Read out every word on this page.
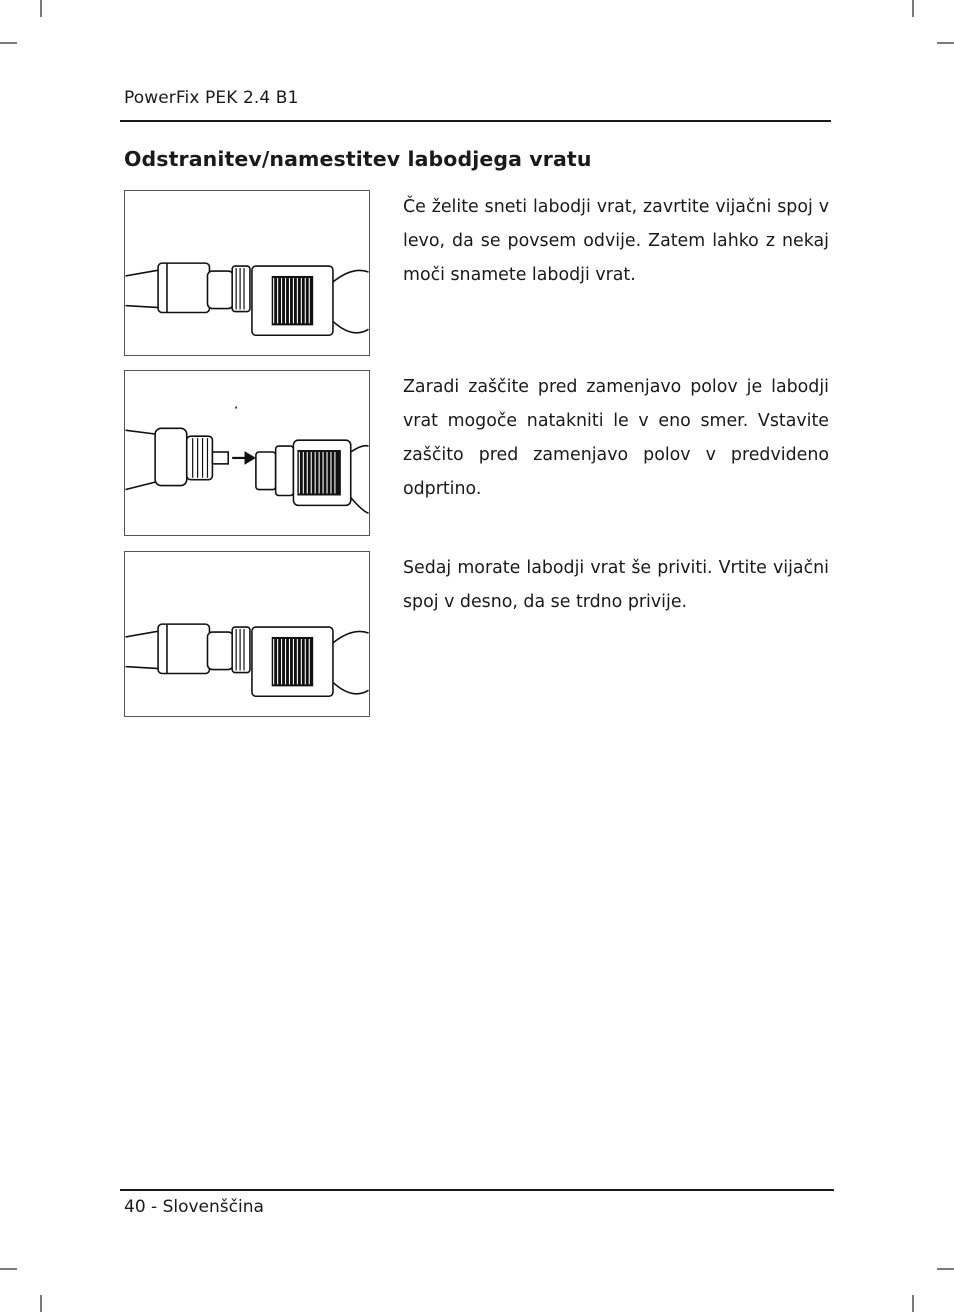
PowerFix PEK 2.4 B1
Odstranitev/namestitev labodjega vratu

Če želite sneti labodji vrat, zavrtite vijačni spoj v levo, da se povsem odvije. Zatem lahko z nekaj moči snamete labodji vrat.

Zaradi zaščite pred zamenjavo polov je labodji vrat mogoče natakniti le v eno smer. Vstavite zaščito pred zamenjavo polov v predvideno odprtino.

Sedaj morate labodji vrat še priviti. Vrtite vijačni spoj v desno, da se trdno privije.

40 - Slovenščina
